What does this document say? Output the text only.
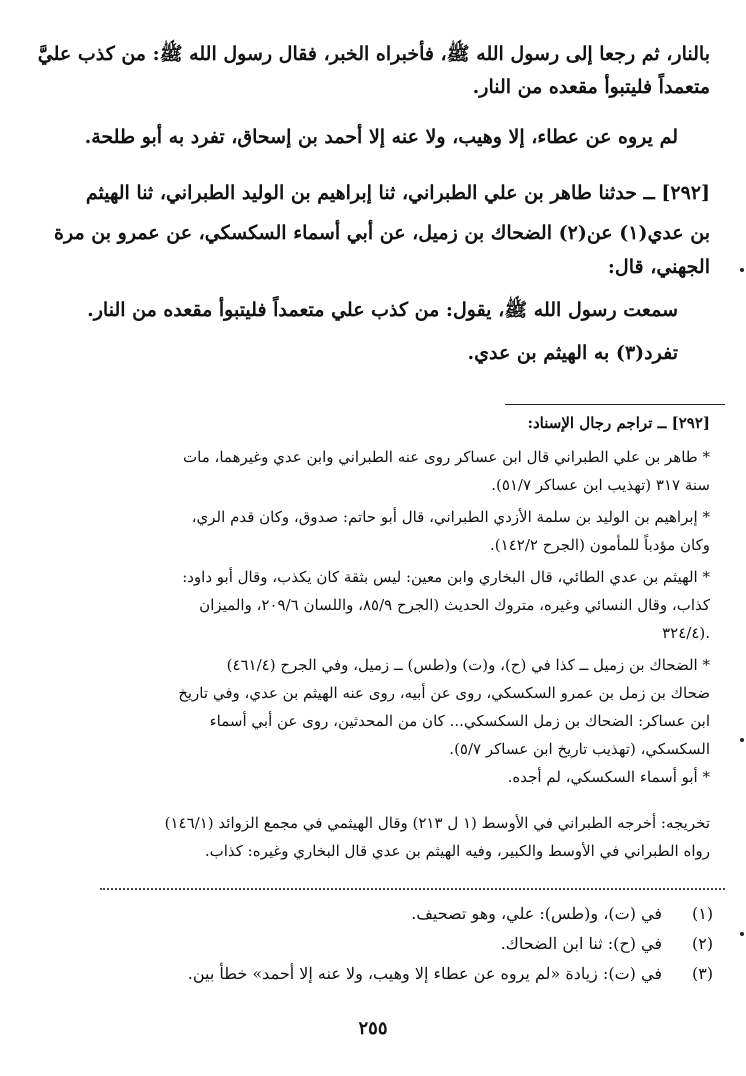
بالنار، ثم رجعا إلى رسول الله ﷺ، فأخبراه الخبر، فقال رسول الله ﷺ: من كذب عليَّ
متعمداً فليتبوأ مقعده من النار.
لم يروه عن عطاء، إلا وهيب، ولا عنه إلا أحمد بن إسحاق، تفرد به أبو طلحة.
[٢٩٢] ــ حدثنا طاهر بن علي الطبراني، ثنا إبراهيم بن الوليد الطبراني، ثنا الهيثم
بن عدي(١) عن(٢) الضحاك بن زميل، عن أبي أسماء السكسكي، عن عمرو بن مرة
الجهني، قال:
سمعت رسول الله ﷺ، يقول: من كذب علي متعمداً فليتبوأ مقعده من النار.
تفرد(٣) به الهيثم بن عدي.
[٢٩٢] ــ تراجم رجال الإسناد:
* طاهر بن علي الطبراني قال ابن عساكر روى عنه الطبراني وابن عدي وغيرهما، مات
سنة ٣١٧ (تهذيب ابن عساكر ٥١/٧).
* إبراهيم بن الوليد بن سلمة الأزدي الطبراني، قال أبو حاتم: صدوق، وكان قدم الري،
وكان مؤدباً للمأمون (الجرح ١٤٢/٢).
* الهيثم بن عدي الطائي، قال البخاري وابن معين: ليس بثقة كان يكذب، وقال أبو داود:
كذاب، وقال النسائي وغيره، متروك الحديث (الجرح ٨٥/٩، واللسان ٢٠٩/٦، والميزان
٣٢٤/٤).
* الضحاك بن زميل ــ كذا في (ح)، و(ت) و(طس) ــ زميل، وفي الجرح (٤٦١/٤)
ضحاك بن زمل بن عمرو السكسكي، روى عن أبيه، روى عنه الهيثم بن عدي، وفي تاريخ
ابن عساكر: الضحاك بن زمل السكسكي... كان من المحدثين، روى عن أبي أسماء
السكسكي، (تهذيب تاريخ ابن عساكر ٥/٧).
* أبو أسماء السكسكي، لم أجده.
تخريجه: أخرجه الطبراني في الأوسط (١ ل ٢١٣) وقال الهيثمي في مجمع الزوائد (١٤٦/١)
رواه الطبراني في الأوسط والكبير، وفيه الهيثم بن عدي قال البخاري وغيره: كذاب.
في (ت)، و(طس): علي، وهو تصحيف. (١)
في (ح): ثنا ابن الضحاك. (٢)
في (ت): زيادة «لم يروه عن عطاء إلا وهيب، ولا عنه إلا أحمد» خطأ بين. (٣)
٢٥٥
